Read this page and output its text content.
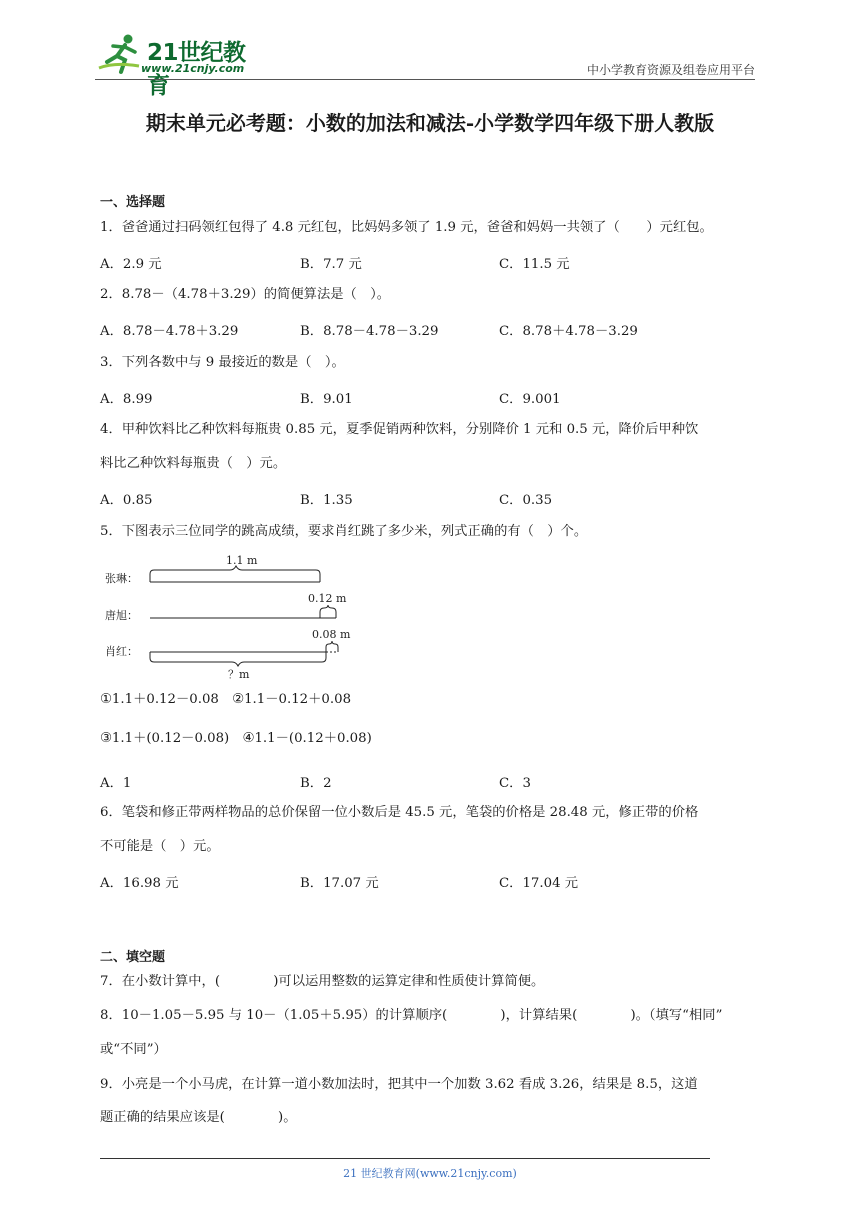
21世纪教育
www.21cnjy.com	中小学教育资源及组卷应用平台
期末单元必考题：小数的加法和减法-小学数学四年级下册人教版
一、选择题
1．爸爸通过扫码领红包得了 4.8 元红包，比妈妈多领了 1.9 元，爸爸和妈妈一共领了（　　）元红包。
A．2.9 元	B．7.7 元	C．11.5 元
2．8.78－（4.78＋3.29）的简便算法是（　）。
A．8.78－4.78＋3.29	B．8.78－4.78－3.29	C．8.78＋4.78－3.29
3．下列各数中与 9 最接近的数是（　）。
A．8.99	B．9.01	C．9.001
4．甲种饮料比乙种饮料每瓶贵 0.85 元，夏季促销两种饮料，分别降价 1 元和 0.5 元，降价后甲种饮
料比乙种饮料每瓶贵（　）元。
A．0.85	B．1.35	C．0.35
5．下图表示三位同学的跳高成绩，要求肖红跳了多少米，列式正确的有（　）个。
张琳：
唐旭：
肖红：
1.1 m
0.12 m
0.08 m
？m
①1.1＋0.12－0.08　②1.1－0.12＋0.08
③1.1＋(0.12－0.08)　④1.1－(0.12＋0.08)
A．1	B．2	C．3
6．笔袋和修正带两样物品的总价保留一位小数后是 45.5 元，笔袋的价格是 28.48 元，修正带的价格
不可能是（　）元。
A．16.98 元	B．17.07 元	C．17.04 元
二、填空题
7．在小数计算中，(　　　　)可以运用整数的运算定律和性质使计算简便。
8．10－1.05－5.95 与 10－（1.05＋5.95）的计算顺序(　　　　)，计算结果(　　　　)。（填写“相同”
或“不同”）
9．小亮是一个小马虎，在计算一道小数加法时，把其中一个加数 3.62 看成 3.26，结果是 8.5，这道
题正确的结果应该是(　　　　)。
21 世纪教育网(www.21cnjy.com)
